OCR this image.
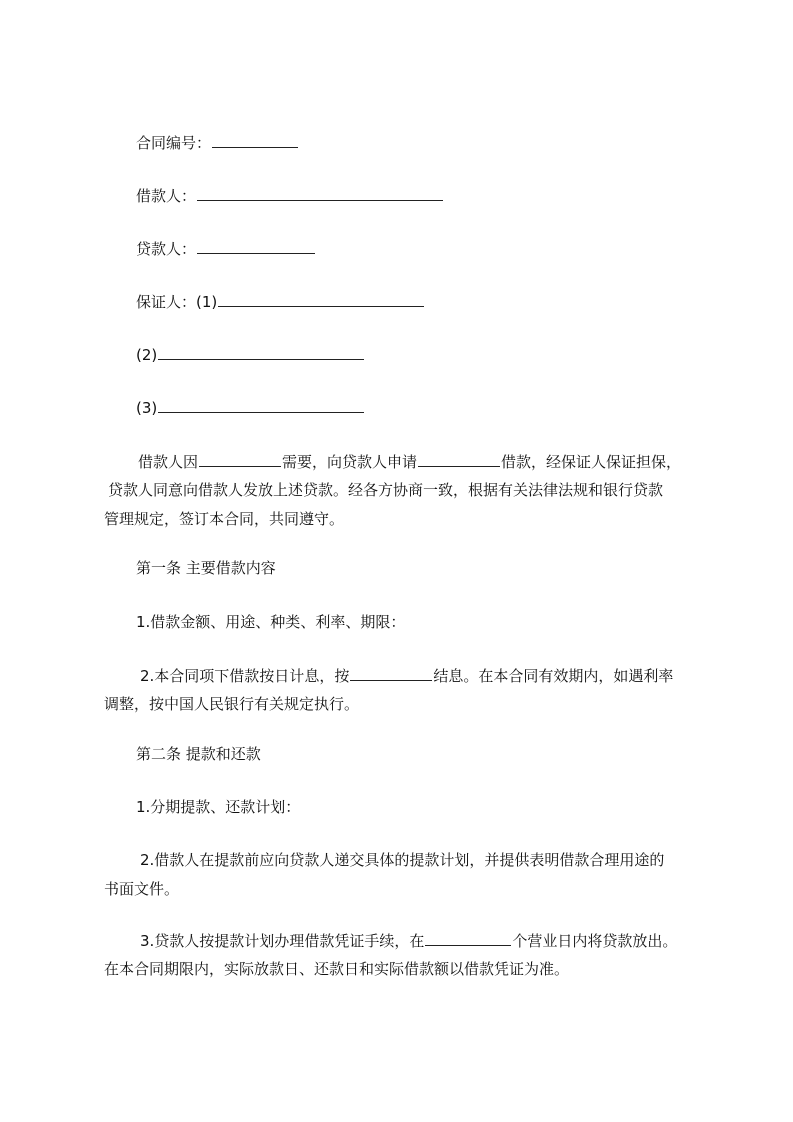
合同编号：
借款人：
贷款人：
保证人：(1)
(2)
(3)
借款人因	需要，向贷款人申请	借款，经保证人保证担保，
贷款人同意向借款人发放上述贷款。经各方协商一致，根据有关法律法规和银行贷款
管理规定，签订本合同，共同遵守。
第一条 主要借款内容
1.借款金额、用途、种类、利率、期限：
2.本合同项下借款按日计息，按	结息。在本合同有效期内，如遇利率
调整，按中国人民银行有关规定执行。
第二条 提款和还款
1.分期提款、还款计划：
2.借款人在提款前应向贷款人递交具体的提款计划，并提供表明借款合理用途的
书面文件。
3.贷款人按提款计划办理借款凭证手续，在	个营业日内将贷款放出。
在本合同期限内，实际放款日、还款日和实际借款额以借款凭证为准。
